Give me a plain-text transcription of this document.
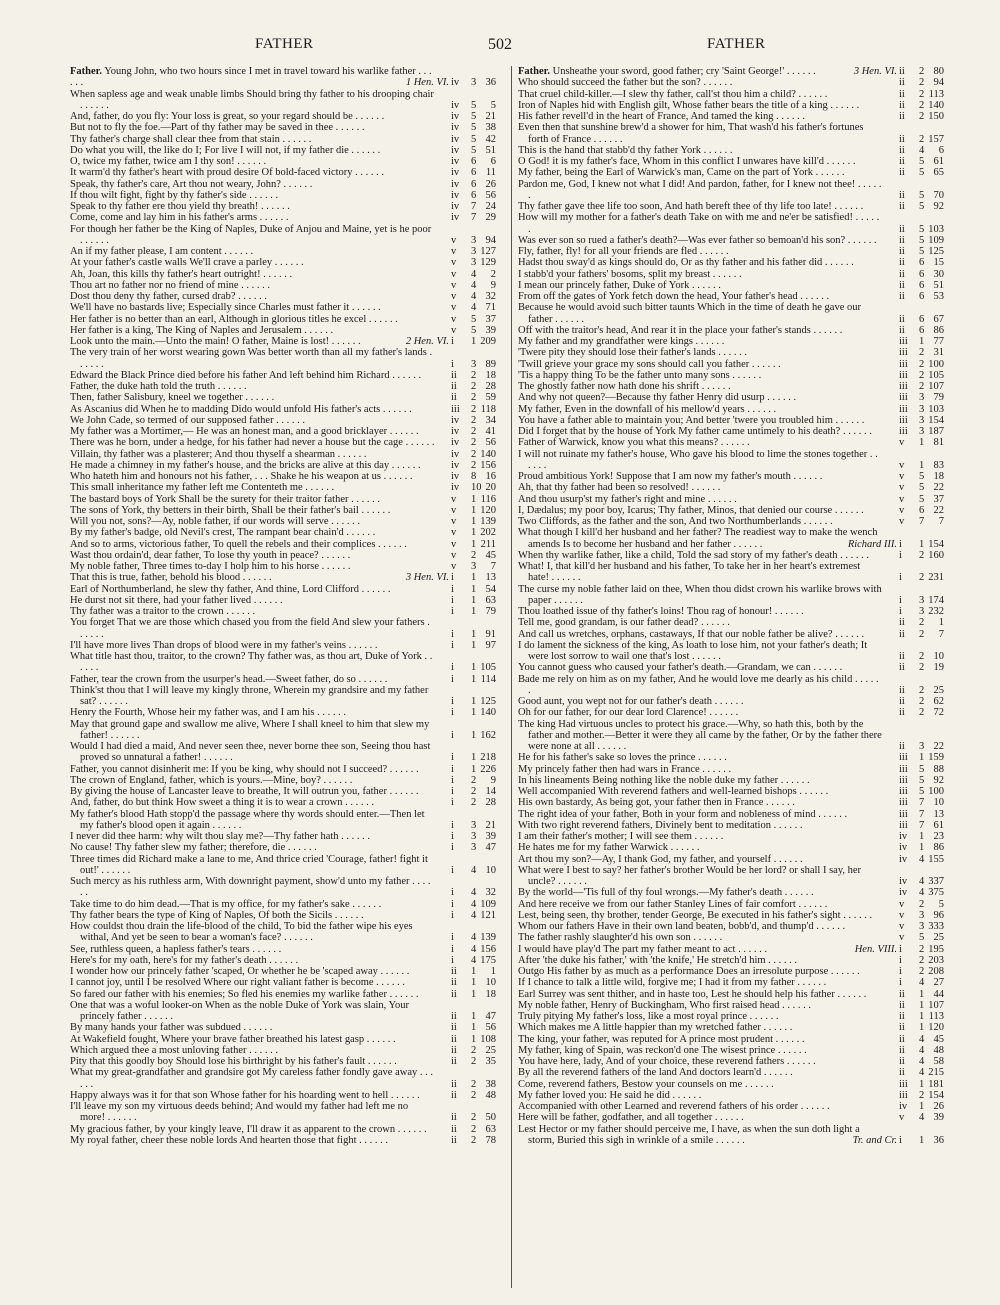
FATHER	502	FATHER
Father. Young John, who two hours since I met in travel toward his warlike father . . . . . .	1 Hen. VI. iv 3 36
When sapless age and weak unable limbs Should bring thy father to his drooping chair . . . . . .	iv 5 5
And, father, do you fly: Your loss is great, so your regard should be . . . . . .	iv 5 21
But not to fly the foe.—Part of thy father may be saved in thee . . . . . .	iv 5 38
Thy father's charge shall clear thee from that stain . . . . . .	iv 5 42
Do what you will, the like do I; For live I will not, if my father die . . . . . .	iv 5 51
O, twice my father, twice am I thy son! . . . . . .	iv 6 6
It warm'd thy father's heart with proud desire Of bold-faced victory . . . . . .	iv 6 11
Speak, thy father's care, Art thou not weary, John? . . . . . .	iv 6 26
If thou wilt fight, fight by thy father's side . . . . . .	iv 6 56
Speak to thy father ere thou yield thy breath! . . . . . .	iv 7 24
Come, come and lay him in his father's arms . . . . . .	iv 7 29
For though her father be the King of Naples, Duke of Anjou and Maine, yet is he poor . . . . . .	v 3 94
An if my father please, I am content . . . . . .	v 3 127
At your father's castle walls We'll crave a parley . . . . . .	v 3 129
Ah, Joan, this kills thy father's heart outright! . . . . . .	v 4 2
Thou art no father nor no friend of mine . . . . . .	v 4 9
Dost thou deny thy father, cursed drab? . . . . . .	v 4 32
We'll have no bastards live; Especially since Charles must father it . . . . . .	v 4 71
Her father is no better than an earl, Although in glorious titles he excel . . . . . .	v 5 37
Her father is a king, The King of Naples and Jerusalem . . . . . .	v 5 39
Look unto the main.—Unto the main! O father, Maine is lost! . . . . . .	2 Hen. VI. i 1 209
The very train of her worst wearing gown Was better worth than all my father's lands . . . . . .	i 3 89
Edward the Black Prince died before his father And left behind him Richard . . . . . .	ii 2 18
Father, the duke hath told the truth . . . . . .	ii 2 28
Then, father Salisbury, kneel we together . . . . . .	ii 2 59
As Ascanius did When he to madding Dido would unfold His father's acts . . . . . .	iii 2 118
We John Cade, so termed of our supposed father . . . . . .	iv 2 34
My father was a Mortimer,— He was an honest man, and a good bricklayer . . . . . .	iv 2 41
There was he born, under a hedge, for his father had never a house but the cage . . . . . . iv 2 56
Villain, thy father was a plasterer; And thou thyself a shearman . . . . . .	iv 2 140
He made a chimney in my father's house, and the bricks are alive at this day . . . . . .	iv 2 156
Who hateth him and honours not his father, . . . Shake he his weapon at us . . . . . .	iv 8 16
This small inheritance my father left me Contenteth me . . . . . .	iv 10 20
The bastard boys of York Shall be the surety for their traitor father . . . . . .	v 1 116
The sons of York, thy betters in their birth, Shall be their father's bail . . . . . .	v 1 120
Will you not, sons?—Ay, noble father, if our words will serve . . . . . .	v 1 139
By my father's badge, old Nevil's crest, The rampant bear chain'd . . . . . .	v 1 202
And so to arms, victorious father, To quell the rebels and their complices . . . . . .	v 1 211
Wast thou ordain'd, dear father, To lose thy youth in peace? . . . . . .	v 2 45
My noble father, Three times to-day I holp him to his horse . . . . . .	v 3 7
That this is true, father, behold his blood . . . . . .	3 Hen. VI. i 1 13
Earl of Northumberland, he slew thy father, And thine, Lord Clifford . . . . . .	i 1 54
He durst not sit there, had your father lived . . . . . .	i 1 63
Thy father was a traitor to the crown . . . . . .	i 1 79
You forget That we are those which chased you from the field And slew your fathers . . . . . .	i 1 91
I'll have more lives Than drops of blood were in my father's veins . . . . . .	i 1 97
What title hast thou, traitor, to the crown? Thy father was, as thou art, Duke of York . . . . . .	i 1 105
Father, tear the crown from the usurper's head.—Sweet father, do so . . . . . .	i 1 114
Think'st thou that I will leave my kingly throne, Wherein my grandsire and my father sat? . . . . . .	i 1 125
Henry the Fourth, Whose heir my father was, and I am his . . . . . .	i 1 140
May that ground gape and swallow me alive, Where I shall kneel to him that slew my father! . . . . . .	i 1 162
Would I had died a maid, And never seen thee, never borne thee son, Seeing thou hast proved so unnatural a father! . . . . . .	i 1 218
Father, you cannot disinherit me: If you be king, why should not I succeed? . . . . . .	i 1 226
The crown of England, father, which is yours.—Mine, boy? . . . . . .	i 2 9
By giving the house of Lancaster leave to breathe, It will outrun you, father . . . . . .	i 2 14
And, father, do but think How sweet a thing it is to wear a crown . . . . . .	i 2 28
My father's blood Hath stopp'd the passage where thy words should enter.—Then let my father's blood open it again . . . . . .	i 3 21
I never did thee harm: why wilt thou slay me?—Thy father hath . . . . . .	i 3 39
No cause! Thy father slew my father; therefore, die . . . . . .	i 3 47
Three times did Richard make a lane to me, And thrice cried 'Courage, father! fight it out!' . . . . . .	i 4 10
Such mercy as his ruthless arm, With downright payment, show'd unto my father . . . . . .	i 4 32
Take time to do him dead.—That is my office, for my father's sake . . . . . .	i 4 109
Thy father bears the type of King of Naples, Of both the Sicils . . . . . .	i 4 121
How couldst thou drain the life-blood of the child, To bid the father wipe his eyes withal, And yet be seen to bear a woman's face? . . . . . .	i 4 139
See, ruthless queen, a hapless father's tears . . . . . .	i 4 156
Here's for my oath, here's for my father's death . . . . . .	i 4 175
I wonder how our princely father 'scaped, Or whether he be 'scaped away . . . . . .	ii 1 1
I cannot joy, until I be resolved Where our right valiant father is become . . . . . .	ii 1 10
So fared our father with his enemies; So fled his enemies my warlike father . . . . . .	ii 1 18
One that was a woful looker-on When as the noble Duke of York was slain, Your princely father . . . . . .	ii 1 47
By many hands your father was subdued . . . . . .	ii 1 56
At Wakefield fought, Where your brave father breathed his latest gasp . . . . . .	ii 1 108
Which argued thee a most unloving father . . . . . .	ii 2 25
Pity that this goodly boy Should lose his birthright by his father's fault . . . . . .	ii 2 35
What my great-grandfather and grandsire got My careless father fondly gave away . . . . . .	ii 2 38
Happy always was it for that son Whose father for his hoarding went to hell . . . . . .	ii 2 48
I'll leave my son my virtuous deeds behind; And would my father had left me no more! . . . . . .	ii 2 50
My gracious father, by your kingly leave, I'll draw it as apparent to the crown . . . . . .	ii 2 63
My royal father, cheer these noble lords And hearten those that fight . . . . . .	ii 2 78
Father. Unsheathe your sword, good father; cry 'Saint George!' . . . . . .	3 Hen. VI. ii 2 80
Who should succeed the father but the son? . . . . . .	ii 2 94
That cruel child-killer.—I slew thy father, call'st thou him a child? . . . . . .	ii 2 113
Iron of Naples hid with English gilt, Whose father bears the title of a king . . . . . .	ii 2 140
His father revell'd in the heart of France, And tamed the king . . . . . .	ii 2 150
Even then that sunshine brew'd a shower for him, That wash'd his father's fortunes forth of France . . . . . .	ii 2 157
This is the hand that stabb'd thy father York . . . . . .	ii 4 6
O God! it is my father's face, Whom in this conflict I unwares have kill'd . . . . . .	ii 5 61
My father, being the Earl of Warwick's man, Came on the part of York . . . . . .	ii 5 65
Pardon me, God, I knew not what I did! And pardon, father, for I knew not thee! . . . . . .	ii 5 70
Thy father gave thee life too soon, And hath bereft thee of thy life too late! . . . . . .	ii 5 92
How will my mother for a father's death Take on with me and ne'er be satisfied! . . . . . .	ii 5 103
Was ever son so rued a father's death?—Was ever father so bemoan'd his son? . . . . . .	ii 5 109
Fly, father, fly! for all your friends are fled . . . . . .	ii 5 125
Hadst thou sway'd as kings should do, Or as thy father and his father did . . . . . .	ii 6 15
I stabb'd your fathers' bosoms, split my breast . . . . . .	ii 6 30
I mean our princely father, Duke of York . . . . . .	ii 6 51
From off the gates of York fetch down the head, Your father's head . . . . . .	ii 6 53
Because he would avoid such bitter taunts Which in the time of death he gave our father . . . . . .	ii 6 67
Off with the traitor's head, And rear it in the place your father's stands . . . . . .	ii 6 86
My father and my grandfather were kings . . . . . .	iii 1 77
'Twere pity they should lose their father's lands . . . . . .	iii 2 31
'Twill grieve your grace my sons should call you father . . . . . .	iii 2 100
'Tis a happy thing To be the father unto many sons . . . . . .	iii 2 105
The ghostly father now hath done his shrift . . . . . .	iii 2 107
And why not queen?—Because thy father Henry did usurp . . . . . .	iii 3 79
My father, Even in the downfall of his mellow'd years . . . . . .	iii 3 103
You have a father able to maintain you; And better 'twere you troubled him . . . . . .	iii 3 154
Did I forget that by the house of York My father came untimely to his death? . . . . . .	iii 3 187
Father of Warwick, know you what this means? . . . . . .	v 1 81
I will not ruinate my father's house, Who gave his blood to lime the stones together . . . . . .	v 1 83
Proud ambitious York! Suppose that I am now my father's mouth . . . . . .	v 5 18
Ah, that thy father had been so resolved! . . . . . .	v 5 22
And thou usurp'st my father's right and mine . . . . . .	v 5 37
I, Dædalus; my poor boy, Icarus; Thy father, Minos, that denied our course . . . . . .	v 6 22
Two Cliffords, as the father and the son, And two Northumberlands . . . . . .	v 7 7
What though I kill'd her husband and her father? The readiest way to make the wench amends Is to become her husband and her father . . . . . .	Richard III. i 1 154
When thy warlike father, like a child, Told the sad story of my father's death . . . . . .	i 2 160
What! I, that kill'd her husband and his father, To take her in her heart's extremest hate! . . . . . .	i 2 231
The curse my noble father laid on thee, When thou didst crown his warlike brows with paper . . . . . .	i 3 174
Thou loathed issue of thy father's loins! Thou rag of honour! . . . . . .	i 3 232
Tell me, good grandam, is our father dead? . . . . . .	ii 2 1
And call us wretches, orphans, castaways, If that our noble father be alive? . . . . . .	ii 2 7
I do lament the sickness of the king, As loath to lose him, not your father's death; It were lost sorrow to wail one that's lost . . . . . .	ii 2 10
You cannot guess who caused your father's death.—Grandam, we can . . . . . .	ii 2 19
Bade me rely on him as on my father, And he would love me dearly as his child . . . . . .	ii 2 25
Good aunt, you wept not for our father's death . . . . . .	ii 2 62
Oh for our father, for our dear lord Clarence! . . . . . .	ii 2 72
The king Had virtuous uncles to protect his grace.—Why, so hath this, both by the father and mother.—Better it were they all came by the father, Or by the father there were none at all . . . . . .	ii 3 22
He for his father's sake so loves the prince . . . . . .	iii 1 159
My princely father then had wars in France . . . . . .	iii 5 88
In his lineaments Being nothing like the noble duke my father . . . . . .	iii 5 92
Well accompanied With reverend fathers and well-learned bishops . . . . . .	iii 5 100
His own bastardy, As being got, your father then in France . . . . . .	iii 7 10
The right idea of your father, Both in your form and nobleness of mind . . . . . .	iii 7 13
With two right reverend fathers, Divinely bent to meditation . . . . . .	iii 7 61
I am their father's mother; I will see them . . . . . .	iv 1 23
He hates me for my father Warwick . . . . . .	iv 1 86
Art thou my son?—Ay, I thank God, my father, and yourself . . . . . .	iv 4 155
What were I best to say? her father's brother Would be her lord? or shall I say, her uncle? . . . . . .	iv 4 337
By the world—'Tis full of thy foul wrongs.—My father's death . . . . . .	iv 4 375
And here receive we from our father Stanley Lines of fair comfort . . . . . .	v 2 5
Lest, being seen, thy brother, tender George, Be executed in his father's sight . . . . . .	v 3 96
Whom our fathers Have in their own land beaten, bobb'd, and thump'd . . . . . .	v 3 333
The father rashly slaughter'd his own son . . . . . .	v 5 25
I would have play'd The part my father meant to act . . . . . .	Hen. VIII. i 2 195
After 'the duke his father,' with 'the knife,' He stretch'd him . . . . . .	i 2 203
Outgo His father by as much as a performance Does an irresolute purpose . . . . . .	i 2 208
If I chance to talk a little wild, forgive me; I had it from my father . . . . . .	i 4 27
Earl Surrey was sent thither, and in haste too, Lest he should help his father . . . . . .	ii 1 44
My noble father, Henry of Buckingham, Who first raised head . . . . . .	ii 1 107
Truly pitying My father's loss, like a most royal prince . . . . . .	ii 1 113
Which makes me A little happier than my wretched father . . . . . .	ii 1 120
The king, your father, was reputed for A prince most prudent . . . . . .	ii 4 45
My father, king of Spain, was reckon'd one The wisest prince . . . . . .	ii 4 48
You have here, lady, And of your choice, these reverend fathers . . . . . .	ii 4 58
By all the reverend fathers of the land And doctors learn'd . . . . . .	ii 4 215
Come, reverend fathers, Bestow your counsels on me . . . . . .	iii 1 181
My father loved you: He said he did . . . . . .	iii 2 154
Accompanied with other Learned and reverend fathers of his order . . . . . .	iv 1 26
Here will be father, godfather, and all together . . . . . .	v 4 39
Lest Hector or my father should perceive me, I have, as when the sun doth light a storm, Buried this sigh in wrinkle of a smile . . . . . .	Tr. and Cr. i 1 36
